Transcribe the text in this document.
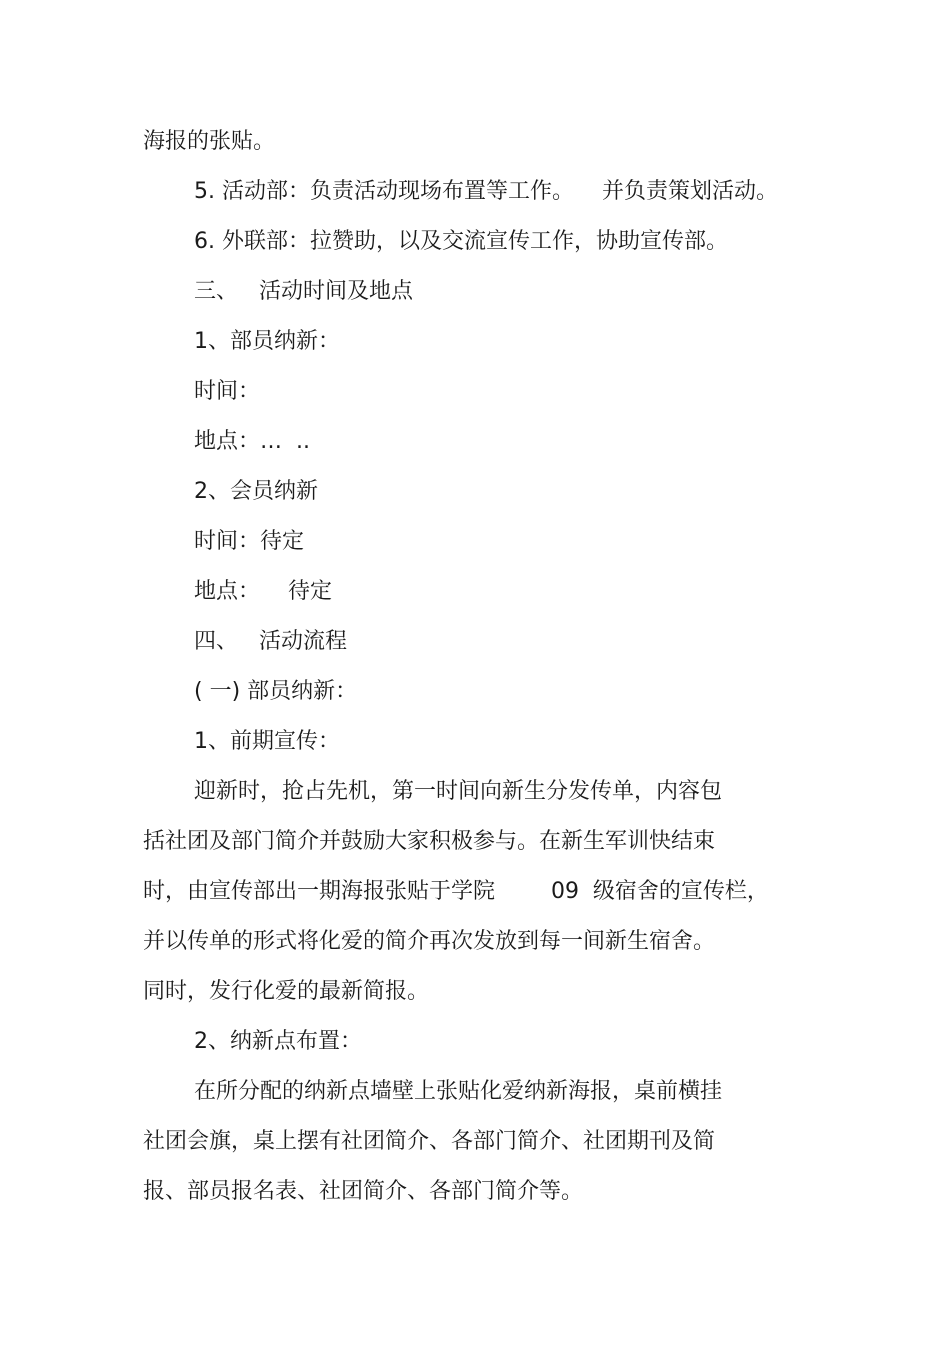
海报的张贴。
5. 活动部：负责活动现场布置等工作。    并负责策划活动。
6. 外联部：拉赞助，以及交流宣传工作，协助宣传部。
三、   活动时间及地点
1、部员纳新：
时间：
地点：…  ..
2、会员纳新
时间：待定
地点：    待定
四、   活动流程
( 一) 部员纳新：
1、前期宣传：
迎新时，抢占先机，第一时间向新生分发传单，内容包
括社团及部门简介并鼓励大家积极参与。在新生军训快结束
时，由宣传部出一期海报张贴于学院        09  级宿舍的宣传栏，
并以传单的形式将化爱的简介再次发放到每一间新生宿舍。
同时，发行化爱的最新简报。
2、纳新点布置：
在所分配的纳新点墙壁上张贴化爱纳新海报，桌前横挂
社团会旗，桌上摆有社团简介、各部门简介、社团期刊及简
报、部员报名表、社团简介、各部门简介等。
